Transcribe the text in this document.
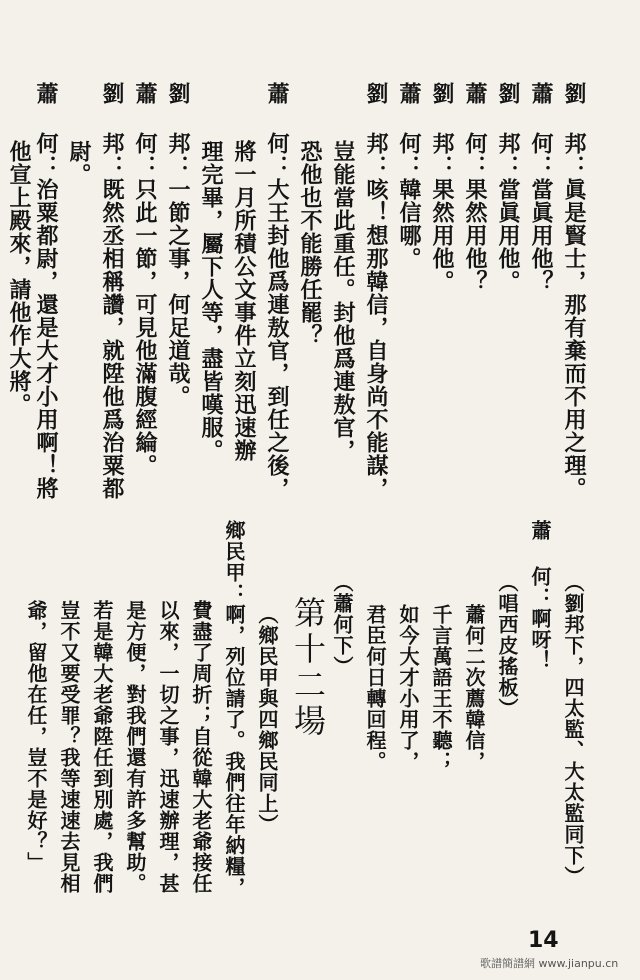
劉 邦：眞是賢士，那有棄而不用之理。
蕭 何：當眞用他？
劉 邦：當眞用他。
蕭 何：果然用他？
劉 邦：果然用他。
蕭 何：韓信哪。
劉 邦：咳！想那韓信，自身尚不能謀，
豈能當此重任。封他爲連敖官，
恐他也不能勝任罷？
蕭 何：大王封他爲連敖官，到任之後，
將一月所積公文事件立刻迅速辦
理完畢，屬下人等，盡皆嘆服。
劉 邦：一節之事，何足道哉。
蕭 何：只此一節，可見他滿腹經綸。
劉 邦：既然丞相稱讚，就陞他爲治粟都
尉。
蕭 何：治粟都尉，還是大才小用啊！將
他宣上殿來，請他作大將。
（劉邦下，四太監、大太監同下）
蕭 何：啊呀！
（唱西皮搖板）
蕭何二次薦韓信，
千言萬語王不聽；
如今大才小用了，
君臣何日轉回程。
（蕭何下）
第十二場
（鄉民甲與四鄉民同上）
鄉民甲：啊，列位請了。我們往年納糧，
費盡了周折；自從韓大老爺接任
以來，一切之事，迅速辦理，甚
是方便，對我們還有許多幫助。
若是韓大老爺陞任到別處，我們
豈不又要受罪？我等速速去見相
爺，留他在任，豈不是好？」
14
歌譜簡譜網 www.jianpu.cn
